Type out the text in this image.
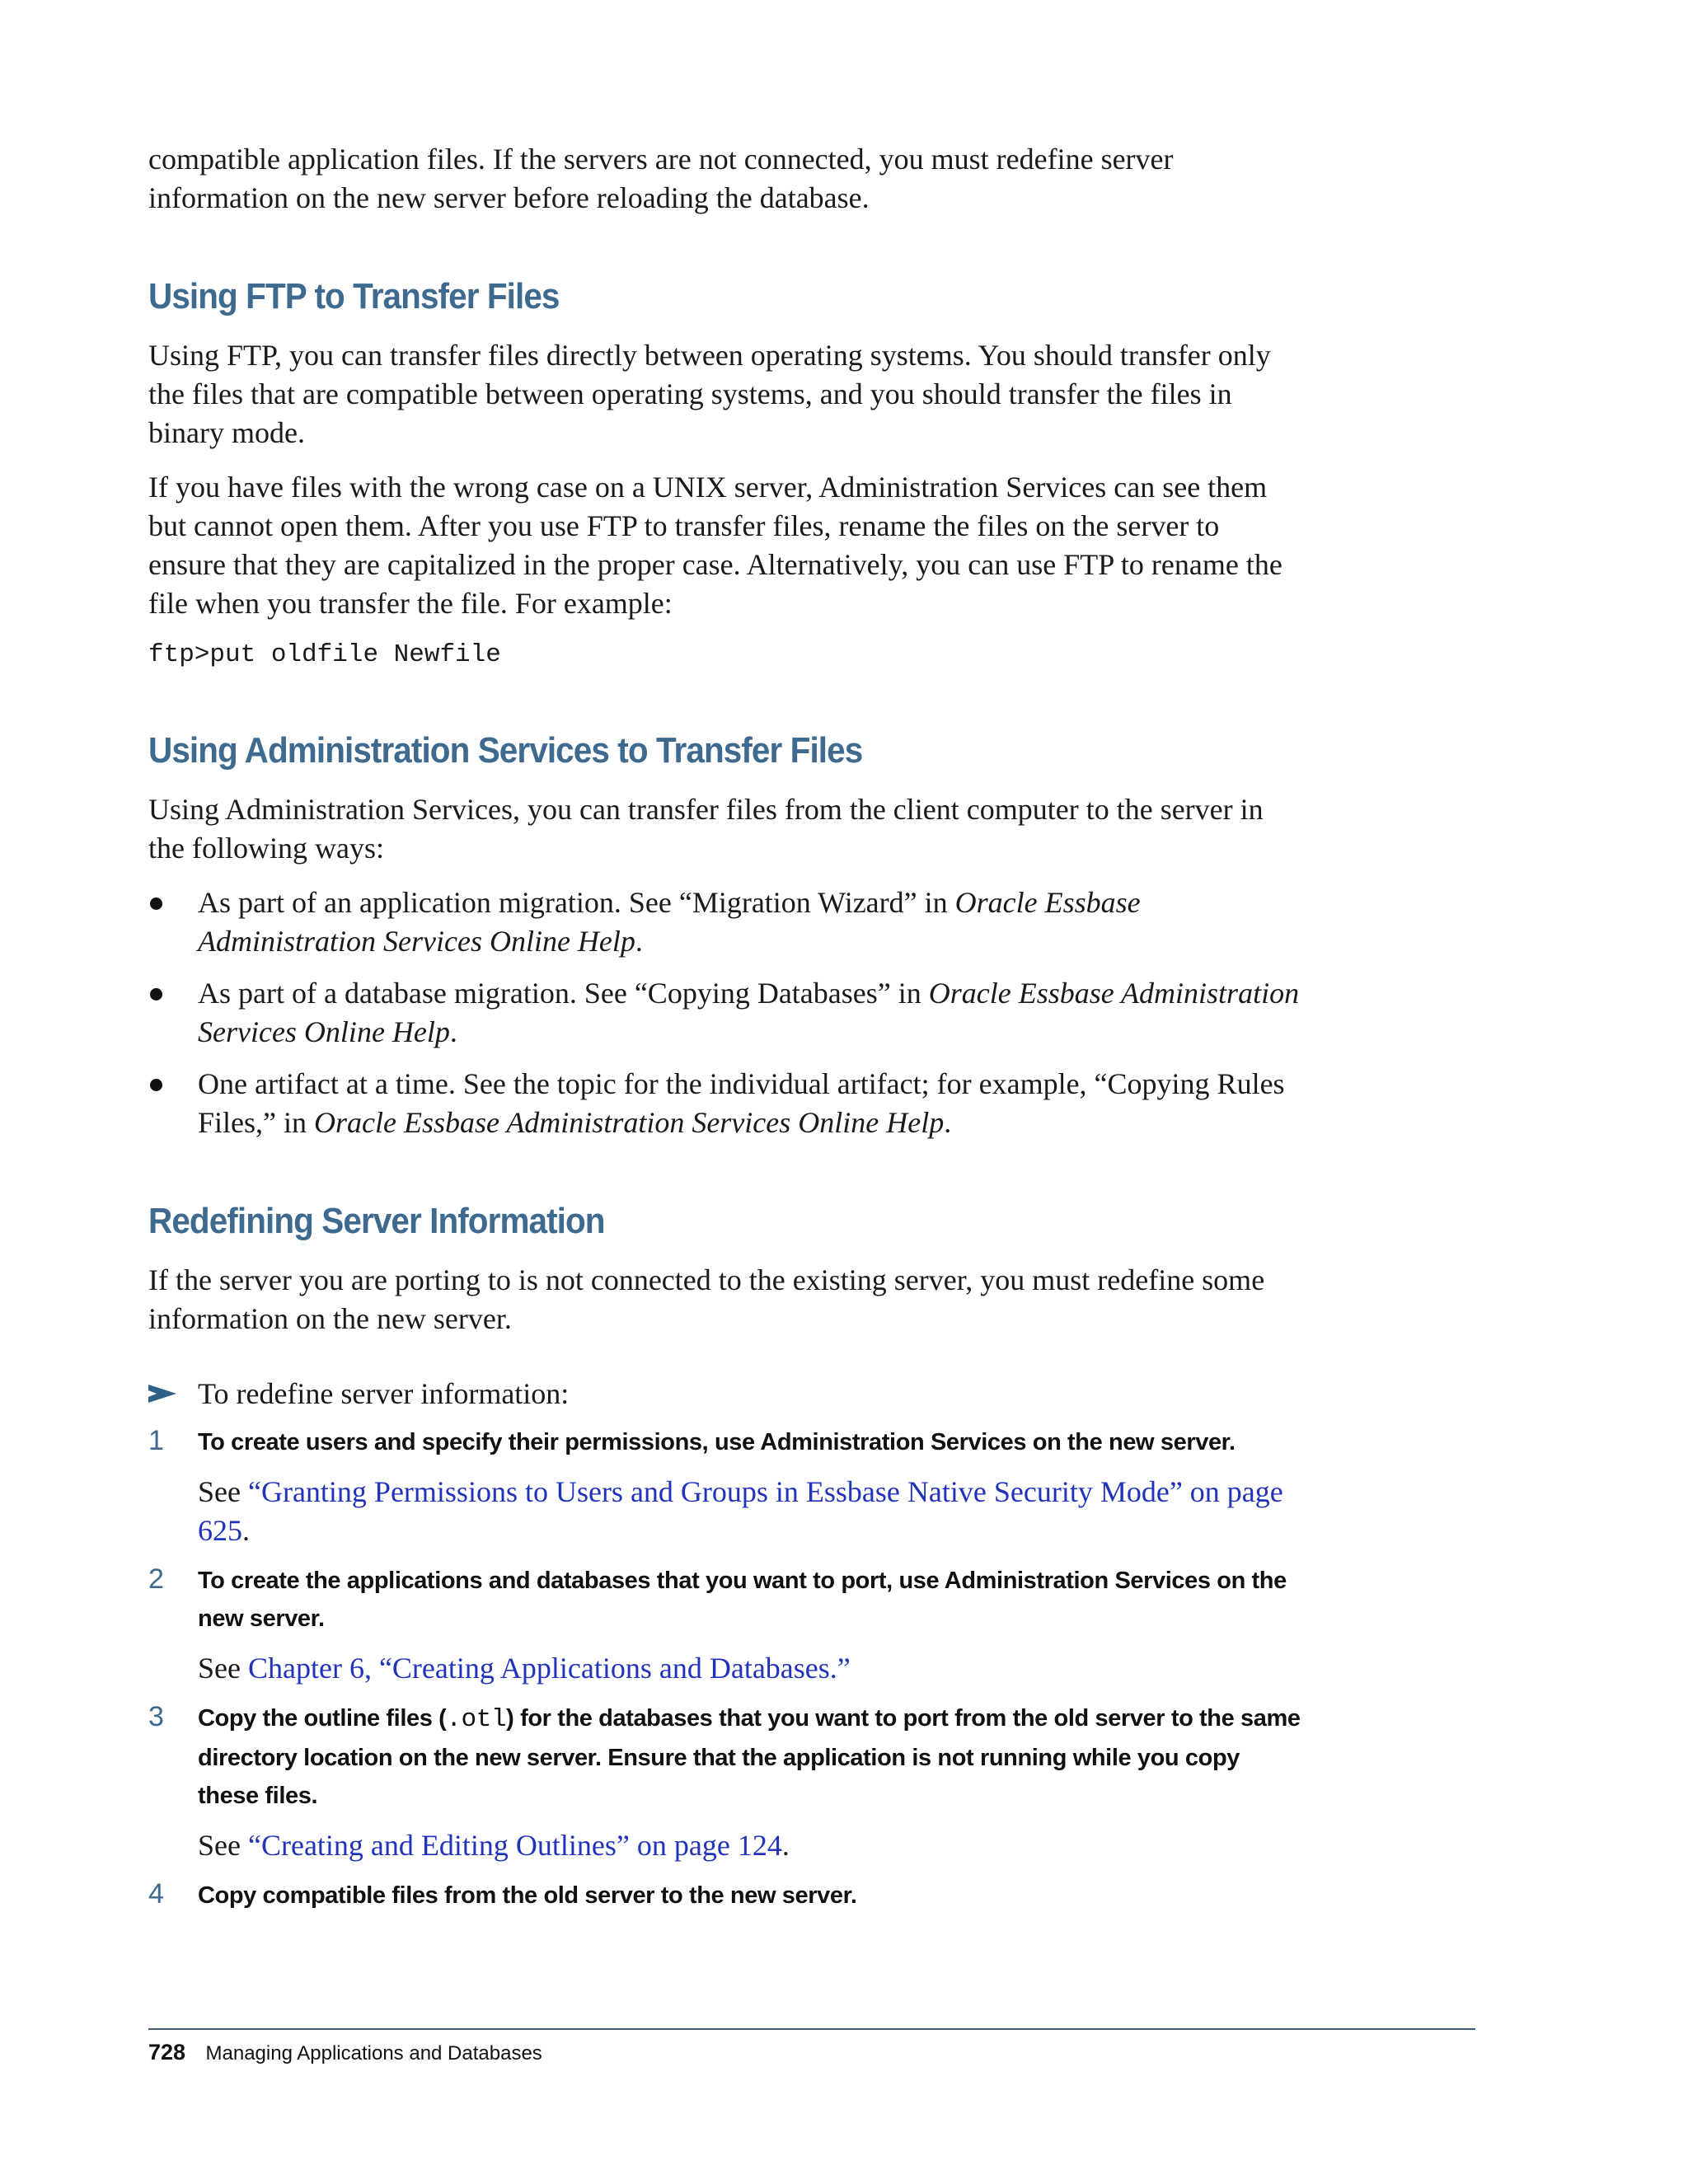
compatible application files. If the servers are not connected, you must redefine server information on the new server before reloading the database.

Using FTP to Transfer Files

Using FTP, you can transfer files directly between operating systems. You should transfer only the files that are compatible between operating systems, and you should transfer the files in binary mode.

If you have files with the wrong case on a UNIX server, Administration Services can see them but cannot open them. After you use FTP to transfer files, rename the files on the server to ensure that they are capitalized in the proper case. Alternatively, you can use FTP to rename the file when you transfer the file. For example:

ftp>put oldfile Newfile
Using Administration Services to Transfer Files

Using Administration Services, you can transfer files from the client computer to the server in the following ways:

As part of an application migration. See “Migration Wizard” in Oracle Essbase Administration Services Online Help.
As part of a database migration. See “Copying Databases” in Oracle Essbase Administration Services Online Help.
One artifact at a time. See the topic for the individual artifact; for example, “Copying Rules Files,” in Oracle Essbase Administration Services Online Help.
Redefining Server Information

If the server you are porting to is not connected to the existing server, you must redefine some information on the new server.

To redefine server information:
1 To create users and specify their permissions, use Administration Services on the new server.
See “Granting Permissions to Users and Groups in Essbase Native Security Mode” on page 625.
2 To create the applications and databases that you want to port, use Administration Services on the new server.
See Chapter 6, “Creating Applications and Databases.”
3 Copy the outline files (.otl) for the databases that you want to port from the old server to the same directory location on the new server. Ensure that the application is not running while you copy these files.
See “Creating and Editing Outlines” on page 124.
4 Copy compatible files from the old server to the new server.
728 Managing Applications and Databases
